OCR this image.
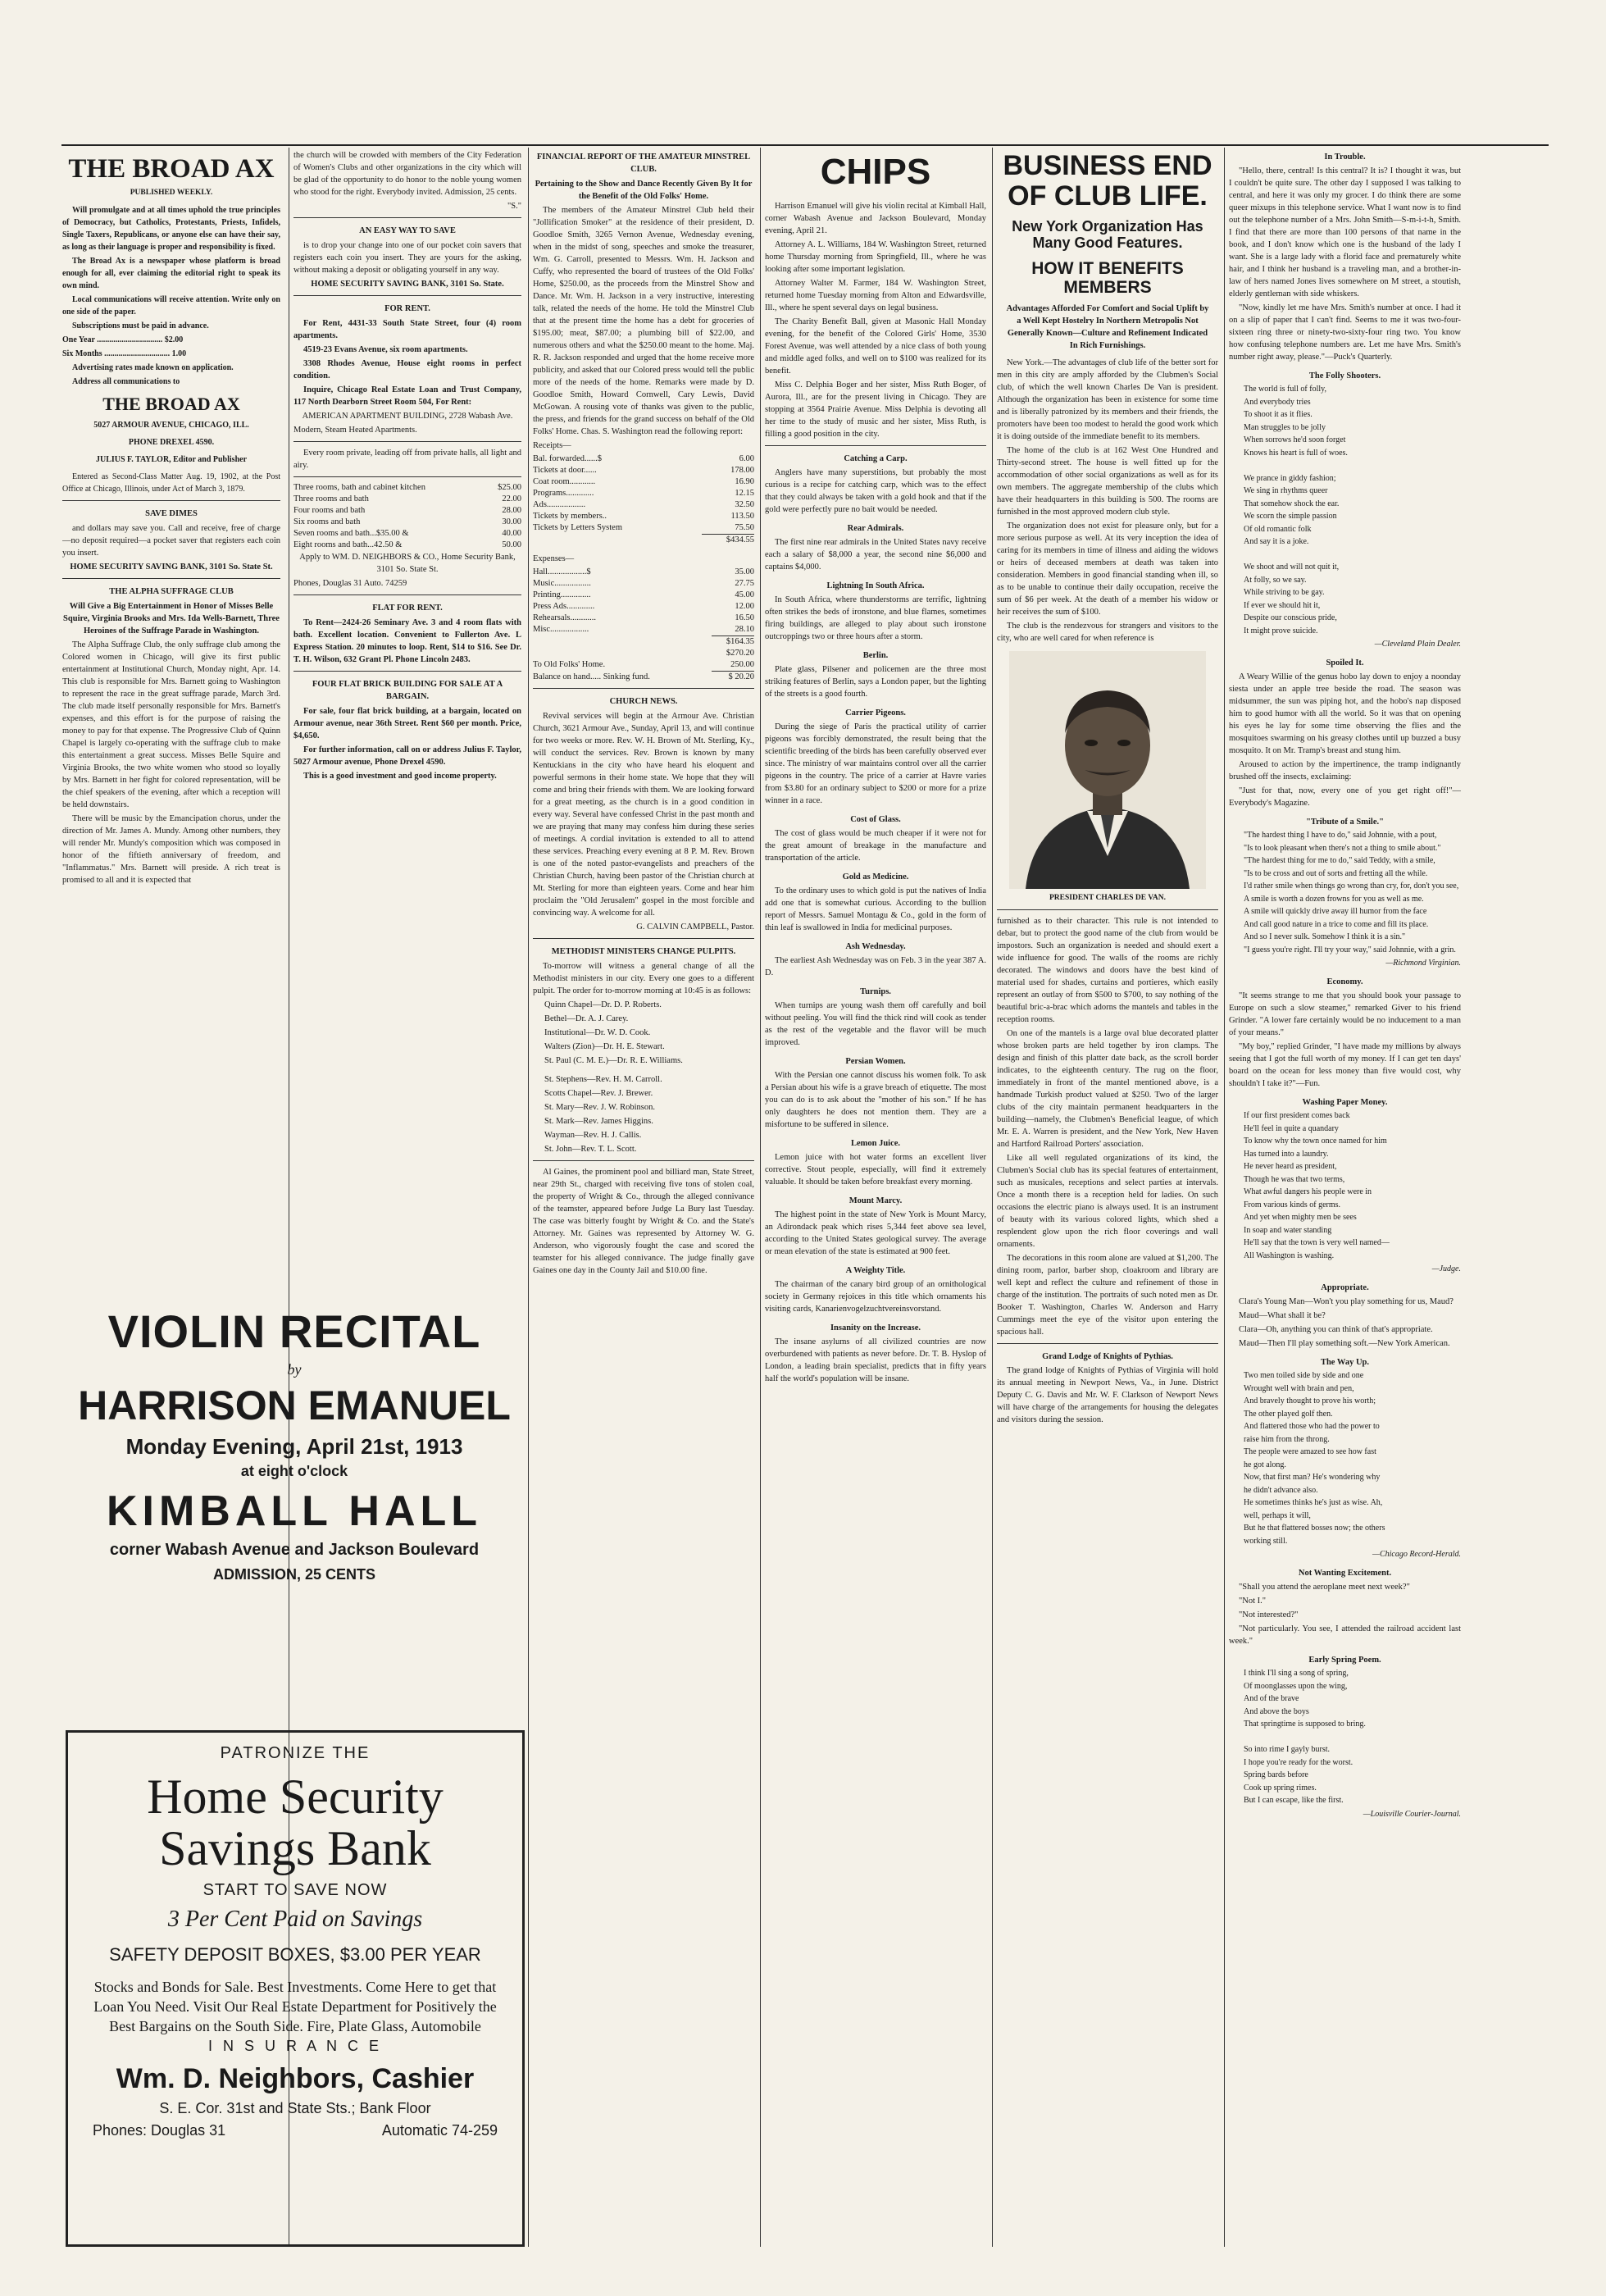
THE BROAD AX
PUBLISHED WEEKLY.

Will promulgate and at all times uphold the true principles of Democracy, but Catholics, Protestants, Priests, Infidels, Single Taxers, Republicans, or anyone else can have their say, as long as their language is proper and responsibility is fixed.

The Broad Ax is a newspaper whose platform is broad enough for all, ever claiming the editorial right to speak its own mind.

Local communications will receive attention. Write only on one side of the paper.

Subscriptions must be paid in advance.

One Year ................................ $2.00

Six Months ................................ 1.00

Advertising rates made known on application.

Address all communications to

THE BROAD AX
5027 ARMOUR AVENUE, CHICAGO, ILL.
PHONE DREXEL 4590.
JULIUS F. TAYLOR, Editor and Publisher

Entered as Second-Class Matter Aug. 19, 1902, at the Post Office at Chicago, Illinois, under Act of March 3, 1879.

SAVE DIMES

and dollars may save you. Call and receive, free of charge—no deposit required—a pocket saver that registers each coin you insert.

HOME SECURITY SAVING BANK, 3101 So. State St.

THE ALPHA SUFFRAGE CLUB

Will Give a Big Entertainment in Honor of Misses Belle Squire, Virginia Brooks and Mrs. Ida Wells-Barnett, Three Heroines of the Suffrage Parade in Washington.

The Alpha Suffrage Club, the only suffrage club among the Colored women in Chicago, will give its first public entertainment at Institutional Church, Monday night, Apr. 14. This club is responsible for Mrs. Barnett going to Washington to represent the race in the great suffrage parade, March 3rd. The club made itself personally responsible for Mrs. Barnett's expenses, and this effort is for the purpose of raising the money to pay for that expense. The Progressive Club of Quinn Chapel is largely co-operating with the suffrage club to make this entertainment a great success. Misses Belle Squire and Virginia Brooks, the two white women who stood so loyally by Mrs. Barnett in her fight for colored representation, will be the chief speakers of the evening, after which a reception will be held downstairs.

There will be music by the Emancipation chorus, under the direction of Mr. James A. Mundy. Among other numbers, they will render Mr. Mundy's composition which was composed in honor of the fiftieth anniversary of freedom, and "Inflammatus." Mrs. Barnett will preside. A rich treat is promised to all and it is expected that

the church will be crowded with members of the City Federation of Women's Clubs and other organizations in the city which will be glad of the opportunity to do honor to the noble young women who stood for the right. Everybody invited. Admission, 25 cents.

"S."

AN EASY WAY TO SAVE

is to drop your change into one of our pocket coin savers that registers each coin you insert. They are yours for the asking, without making a deposit or obligating yourself in any way.

HOME SECURITY SAVING BANK, 3101 So. State.

FOR RENT.

For Rent, 4431-33 South State Street, four (4) room apartments.

4519-23 Evans Avenue, six room apartments.

3308 Rhodes Avenue, House eight rooms in perfect condition.

Inquire, Chicago Real Estate Loan and Trust Company, 117 North Dearborn Street Room 504, For Rent:

AMERICAN APARTMENT BUILDING, 2728 Wabash Ave.

Modern, Steam Heated Apartments.

Every room private, leading off from private halls, all light and airy.

Three rooms, bath and cabinet kitchen	$25.00
Three rooms and bath	22.00
Four rooms and bath	28.00
Six rooms and bath	30.00
Seven rooms and bath...$35.00 &	40.00
Eight rooms and bath...42.50 &	50.00

Apply to WM. D. NEIGHBORS & CO., Home Security Bank, 3101 So. State St.

Phones, Douglas 31 Auto. 74259

FLAT FOR RENT.

To Rent—2424-26 Seminary Ave. 3 and 4 room flats with bath. Excellent location. Convenient to Fullerton Ave. L Express Station. 20 minutes to loop. Rent, $14 to $16. See Dr. T. H. Wilson, 632 Grant Pl. Phone Lincoln 2483.

FOUR FLAT BRICK BUILDING FOR SALE AT A BARGAIN.

For sale, four flat brick building, at a bargain, located on Armour avenue, near 36th Street. Rent $60 per month. Price, $4,650.

For further information, call on or address Julius F. Taylor, 5027 Armour avenue, Phone Drexel 4590.

This is a good investment and good income property.

VIOLIN RECITAL
by
HARRISON EMANUEL
Monday Evening, April 21st, 1913
at eight o'clock
KIMBALL HALL
corner Wabash Avenue and Jackson Boulevard
ADMISSION, 25 CENTS
PATRONIZE THE
Home Security
Savings Bank
START TO SAVE NOW
3 Per Cent Paid on Savings
SAFETY DEPOSIT BOXES, $3.00 PER YEAR
Stocks and Bonds for Sale. Best Investments. Come Here to get that Loan You Need. Visit Our Real Estate Department for Positively the Best Bargains on the South Side. Fire, Plate Glass, Automobile
I N S U R A N C E
Wm. D. Neighbors, Cashier
S. E. Cor. 31st and State Sts.; Bank Floor
Phones: Douglas 31	Automatic 74-259
FINANCIAL REPORT OF THE AMATEUR MINSTREL CLUB.

Pertaining to the Show and Dance Recently Given By It for the Benefit of the Old Folks' Home.

The members of the Amateur Minstrel Club held their "Jollification Smoker" at the residence of their president, D. Goodloe Smith, 3265 Vernon Avenue, Wednesday evening, when in the midst of song, speeches and smoke the treasurer, Wm. G. Carroll, presented to Messrs. Wm. H. Jackson and Cuffy, who represented the board of trustees of the Old Folks' Home, $250.00, as the proceeds from the Minstrel Show and Dance. Mr. Wm. H. Jackson in a very instructive, interesting talk, related the needs of the home. He told the Minstrel Club that at the present time the home has a debt for groceries of $195.00; meat, $87.00; a plumbing bill of $22.00, and numerous others and what the $250.00 meant to the home. Maj. R. R. Jackson responded and urged that the home receive more publicity, and asked that our Colored press would tell the public more of the needs of the home. Remarks were made by D. Goodloe Smith, Howard Cornwell, Cary Lewis, David McGowan. A rousing vote of thanks was given to the public, the press, and friends for the grand success on behalf of the Old Folks' Home. Chas. S. Washington read the following report:

Receipts—

Bal. forwarded......$	6.00
Tickets at door......	178.00
Coat room............	16.90
Programs.............	12.15
Ads..................	32.50
Tickets by members..	113.50
Tickets by Letters System	75.50
	$434.55

Expenses—

Hall..................$	35.00
Music.................	27.75
Printing..............	45.00
Press Ads.............	12.00
Rehearsals............	16.50
Misc..................	28.10
	$164.35
	$270.20
To Old Folks' Home.	250.00
Balance on hand..... Sinking fund.	$ 20.20
CHURCH NEWS.

Revival services will begin at the Armour Ave. Christian Church, 3621 Armour Ave., Sunday, April 13, and will continue for two weeks or more. Rev. W. H. Brown of Mt. Sterling, Ky., will conduct the services. Rev. Brown is known by many Kentuckians in the city who have heard his eloquent and powerful sermons in their home state. We hope that they will come and bring their friends with them. We are looking forward for a great meeting, as the church is in a good condition in every way. Several have confessed Christ in the past month and we are praying that many may confess him during these series of meetings. A cordial invitation is extended to all to attend these services. Preaching every evening at 8 P. M. Rev. Brown is one of the noted pastor-evangelists and preachers of the Christian Church, having been pastor of the Christian church at Mt. Sterling for more than eighteen years. Come and hear him proclaim the "Old Jerusalem" gospel in the most forcible and convincing way. A welcome for all.

G. CALVIN CAMPBELL, Pastor.

METHODIST MINISTERS CHANGE PULPITS.

To-morrow will witness a general change of all the Methodist ministers in our city. Every one goes to a different pulpit. The order for to-morrow morning at 10:45 is as follows:

Quinn Chapel—Dr. D. P. Roberts.

Bethel—Dr. A. J. Carey.

Institutional—Dr. W. D. Cook.

Walters (Zion)—Dr. H. E. Stewart.

St. Paul (C. M. E.)—Dr. R. E. Williams.

St. Stephens—Rev. H. M. Carroll.

Scotts Chapel—Rev. J. Brewer.

St. Mary—Rev. J. W. Robinson.

St. Mark—Rev. James Higgins.

Wayman—Rev. H. J. Callis.

St. John—Rev. T. L. Scott.

Al Gaines, the prominent pool and billiard man, State Street, near 29th St., charged with receiving five tons of stolen coal, the property of Wright & Co., through the alleged connivance of the teamster, appeared before Judge La Bury last Tuesday. The case was bitterly fought by Wright & Co. and the State's Attorney. Mr. Gaines was represented by Attorney W. G. Anderson, who vigorously fought the case and scored the teamster for his alleged connivance. The judge finally gave Gaines one day in the County Jail and $10.00 fine.

CHIPS

Harrison Emanuel will give his violin recital at Kimball Hall, corner Wabash Avenue and Jackson Boulevard, Monday evening, April 21.

Attorney A. L. Williams, 184 W. Washington Street, returned home Thursday morning from Springfield, Ill., where he was looking after some important legislation.

Attorney Walter M. Farmer, 184 W. Washington Street, returned home Tuesday morning from Alton and Edwardsville, Ill., where he spent several days on legal business.

The Charity Benefit Ball, given at Masonic Hall Monday evening, for the benefit of the Colored Girls' Home, 3530 Forest Avenue, was well attended by a nice class of both young and middle aged folks, and well on to $100 was realized for its benefit.

Miss C. Delphia Boger and her sister, Miss Ruth Boger, of Aurora, Ill., are for the present living in Chicago. They are stopping at 3564 Prairie Avenue. Miss Delphia is devoting all her time to the study of music and her sister, Miss Ruth, is filling a good position in the city.

Catching a Carp.

Anglers have many superstitions, but probably the most curious is a recipe for catching carp, which was to the effect that they could always be taken with a gold hook and that if the gold were perfectly pure no bait would be needed.

Rear Admirals.

The first nine rear admirals in the United States navy receive each a salary of $8,000 a year, the second nine $6,000 and captains $4,000.

Lightning In South Africa.

In South Africa, where thunderstorms are terrific, lightning often strikes the beds of ironstone, and blue flames, sometimes firing buildings, are alleged to play about such ironstone outcroppings two or three hours after a storm.

Berlin.

Plate glass, Pilsener and policemen are the three most striking features of Berlin, says a London paper, but the lighting of the streets is a good fourth.

Carrier Pigeons.

During the siege of Paris the practical utility of carrier pigeons was forcibly demonstrated, the result being that the scientific breeding of the birds has been carefully observed ever since. The ministry of war maintains control over all the carrier pigeons in the country. The price of a carrier at Havre varies from $3.80 for an ordinary subject to $200 or more for a prize winner in a race.

Cost of Glass.

The cost of glass would be much cheaper if it were not for the great amount of breakage in the manufacture and transportation of the article.

Gold as Medicine.

To the ordinary uses to which gold is put the natives of India add one that is somewhat curious. According to the bullion report of Messrs. Samuel Montagu & Co., gold in the form of thin leaf is swallowed in India for medicinal purposes.

Ash Wednesday.

The earliest Ash Wednesday was on Feb. 3 in the year 387 A. D.

Turnips.

When turnips are young wash them off carefully and boil without peeling. You will find the thick rind will cook as tender as the rest of the vegetable and the flavor will be much improved.

Persian Women.

With the Persian one cannot discuss his women folk. To ask a Persian about his wife is a grave breach of etiquette. The most you can do is to ask about the "mother of his son." If he has only daughters he does not mention them. They are a misfortune to be suffered in silence.

Lemon Juice.

Lemon juice with hot water forms an excellent liver corrective. Stout people, especially, will find it extremely valuable. It should be taken before breakfast every morning.

Mount Marcy.

The highest point in the state of New York is Mount Marcy, an Adirondack peak which rises 5,344 feet above sea level, according to the United States geological survey. The average or mean elevation of the state is estimated at 900 feet.

A Weighty Title.

The chairman of the canary bird group of an ornithological society in Germany rejoices in this title which ornaments his visiting cards, Kanarienvogelzuchtvereinsvorstand.

Insanity on the Increase.

The insane asylums of all civilized countries are now overburdened with patients as never before. Dr. T. B. Hyslop of London, a leading brain specialist, predicts that in fifty years half the world's population will be insane.

BUSINESS END
OF CLUB LIFE.
New York Organization Has Many Good Features.
HOW IT BENEFITS MEMBERS

Advantages Afforded For Comfort and Social Uplift by a Well Kept Hostelry In Northern Metropolis Not Generally Known—Culture and Refinement Indicated In Rich Furnishings.

New York.—The advantages of club life of the better sort for men in this city are amply afforded by the Clubmen's Social club, of which the well known Charles De Van is president. Although the organization has been in existence for some time and is liberally patronized by its members and their friends, the promoters have been too modest to herald the good work which it is doing outside of the immediate benefit to its members.

The home of the club is at 162 West One Hundred and Thirty-second street. The house is well fitted up for the accommodation of other social organizations as well as for its own members. The aggregate membership of the clubs which have their headquarters in this building is 500. The rooms are furnished in the most approved modern club style.

The organization does not exist for pleasure only, but for a more serious purpose as well. At its very inception the idea of caring for its members in time of illness and aiding the widows or heirs of deceased members at death was taken into consideration. Members in good financial standing when ill, so as to be unable to continue their daily occupation, receive the sum of $6 per week. At the death of a member his widow or heir receives the sum of $100.

The club is the rendezvous for strangers and visitors to the city, who are well cared for when reference is

PRESIDENT CHARLES DE VAN.

furnished as to their character. This rule is not intended to debar, but to protect the good name of the club from would be impostors. Such an organization is needed and should exert a wide influence for good. The walls of the rooms are richly decorated. The windows and doors have the best kind of material used for shades, curtains and portieres, which easily represent an outlay of from $500 to $700, to say nothing of the beautiful bric-a-brac which adorns the mantels and tables in the reception rooms.

On one of the mantels is a large oval blue decorated platter whose broken parts are held together by iron clamps. The design and finish of this platter date back, as the scroll border indicates, to the eighteenth century. The rug on the floor, immediately in front of the mantel mentioned above, is a handmade Turkish product valued at $250. Two of the larger clubs of the city maintain permanent headquarters in the building—namely, the Clubmen's Beneficial league, of which Mr. E. A. Warren is president, and the New York, New Haven and Hartford Railroad Porters' association.

Like all well regulated organizations of its kind, the Clubmen's Social club has its special features of entertainment, such as musicales, receptions and select parties at intervals. Once a month there is a reception held for ladies. On such occasions the electric piano is always used. It is an instrument of beauty with its various colored lights, which shed a resplendent glow upon the rich floor coverings and wall ornaments.

The decorations in this room alone are valued at $1,200. The dining room, parlor, barber shop, cloakroom and library are well kept and reflect the culture and refinement of those in charge of the institution. The portraits of such noted men as Dr. Booker T. Washington, Charles W. Anderson and Harry Cummings meet the eye of the visitor upon entering the spacious hall.

Grand Lodge of Knights of Pythias.

The grand lodge of Knights of Pythias of Virginia will hold its annual meeting in Newport News, Va., in June. District Deputy C. G. Davis and Mr. W. F. Clarkson of Newport News will have charge of the arrangements for housing the delegates and visitors during the session.

In Trouble.

"Hello, there, central! Is this central? It is? I thought it was, but I couldn't be quite sure. The other day I supposed I was talking to central, and here it was only my grocer. I do think there are some queer mixups in this telephone service. What I want now is to find out the telephone number of a Mrs. John Smith—S-m-i-t-h, Smith. I find that there are more than 100 persons of that name in the book, and I don't know which one is the husband of the lady I want. She is a large lady with a florid face and prematurely white hair, and I think her husband is a traveling man, and a brother-in-law of hers named Jones lives somewhere on M street, a stoutish, elderly gentleman with side whiskers.

"Now, kindly let me have Mrs. Smith's number at once. I had it on a slip of paper that I can't find. Seems to me it was two-four-sixteen ring three or ninety-two-sixty-four ring two. You know how confusing telephone numbers are. Let me have Mrs. Smith's number right away, please."—Puck's Quarterly.

The Folly Shooters.

The world is full of folly,

And everybody tries

To shoot it as it flies.

Man struggles to be jolly

When sorrows he'd soon forget

Knows his heart is full of woes.

We prance in giddy fashion;

We sing in rhythms queer

That somehow shock the ear.

We scorn the simple passion

Of old romantic folk

And say it is a joke.

We shoot and will not quit it,

At folly, so we say.

While striving to be gay.

If ever we should hit it,

Despite our conscious pride,

It might prove suicide.

—Cleveland Plain Dealer.

Spoiled It.

A Weary Willie of the genus hobo lay down to enjoy a noonday siesta under an apple tree beside the road. The season was midsummer, the sun was piping hot, and the hobo's nap disposed him to good humor with all the world. So it was that on opening his eyes he lay for some time observing the flies and the mosquitoes swarming on his greasy clothes until up buzzed a busy mosquito. It on Mr. Tramp's breast and stung him.

Aroused to action by the impertinence, the tramp indignantly brushed off the insects, exclaiming:

"Just for that, now, every one of you get right off!"—Everybody's Magazine.

"Tribute of a Smile."

"The hardest thing I have to do," said Johnnie, with a pout,

"Is to look pleasant when there's not a thing to smile about."

"The hardest thing for me to do," said Teddy, with a smile,

"Is to be cross and out of sorts and fretting all the while.

I'd rather smile when things go wrong than cry, for, don't you see,

A smile is worth a dozen frowns for you as well as me.

A smile will quickly drive away ill humor from the face

And call good nature in a trice to come and fill its place.

And so I never sulk. Somehow I think it is a sin."

"I guess you're right. I'll try your way," said Johnnie, with a grin.

—Richmond Virginian.

Economy.

"It seems strange to me that you should book your passage to Europe on such a slow steamer," remarked Giver to his friend Grinder. "A lower fare certainly would be no inducement to a man of your means."

"My boy," replied Grinder, "I have made my millions by always seeing that I got the full worth of my money. If I can get ten days' board on the ocean for less money than five would cost, why shouldn't I take it?"—Fun.

Washing Paper Money.

If our first president comes back

He'll feel in quite a quandary

To know why the town once named for him

Has turned into a laundry.

He never heard as president,

Though he was that two terms,

What awful dangers his people were in

From various kinds of germs.

And yet when mighty men be sees

In soap and water standing

He'll say that the town is very well named—

All Washington is washing.

—Judge.

Appropriate.

Clara's Young Man—Won't you play something for us, Maud?

Maud—What shall it be?

Clara—Oh, anything you can think of that's appropriate.

Maud—Then I'll play something soft.—New York American.

The Way Up.

Two men toiled side by side and one

Wrought well with brain and pen,

And bravely thought to prove his worth;

The other played golf then.

And flattered those who had the power to

raise him from the throng.

The people were amazed to see how fast

he got along.

Now, that first man? He's wondering why

he didn't advance also.

He sometimes thinks he's just as wise. Ah,

well, perhaps it will,

But he that flattered bosses now; the others

working still.

—Chicago Record-Herald.

Not Wanting Excitement.

"Shall you attend the aeroplane meet next week?"

"Not I."

"Not interested?"

"Not particularly. You see, I attended the railroad accident last week."

Early Spring Poem.

I think I'll sing a song of spring,

Of moonglasses upon the wing,

And of the brave

And above the boys

That springtime is supposed to bring.

So into rime I gayly burst.

I hope you're ready for the worst.

Spring bards before

Cook up spring rimes.

But I can escape, like the first.

—Louisville Courier-Journal.
